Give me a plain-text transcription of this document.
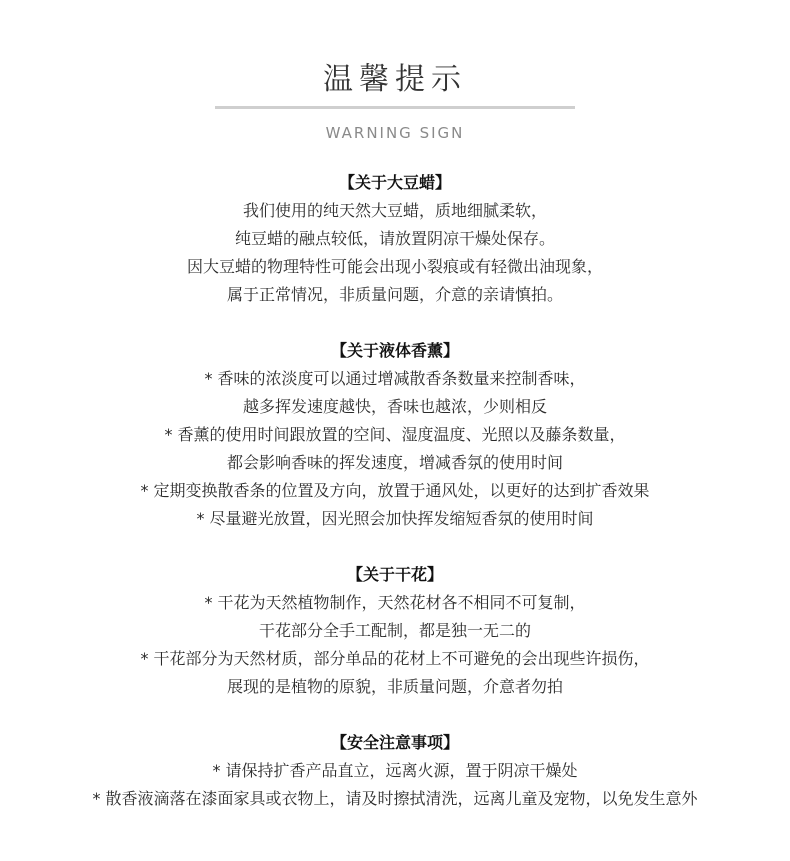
温馨提示
WARNING SIGN
【关于大豆蜡】
我们使用的纯天然大豆蜡，质地细腻柔软，
纯豆蜡的融点较低，请放置阴凉干燥处保存。
因大豆蜡的物理特性可能会出现小裂痕或有轻微出油现象，
属于正常情况，非质量问题，介意的亲请慎拍。
【关于液体香薰】
* 香味的浓淡度可以通过增减散香条数量来控制香味，
越多挥发速度越快，香味也越浓，少则相反
* 香薰的使用时间跟放置的空间、湿度温度、光照以及藤条数量，
都会影响香味的挥发速度，增减香氛的使用时间
* 定期变换散香条的位置及方向，放置于通风处，以更好的达到扩香效果
* 尽量避光放置，因光照会加快挥发缩短香氛的使用时间
【关于干花】
* 干花为天然植物制作，天然花材各不相同不可复制，
干花部分全手工配制，都是独一无二的
* 干花部分为天然材质，部分单品的花材上不可避免的会出现些许损伤，
展现的是植物的原貌，非质量问题，介意者勿拍
【安全注意事项】
* 请保持扩香产品直立，远离火源，置于阴凉干燥处
* 散香液滴落在漆面家具或衣物上，请及时擦拭清洗，远离儿童及宠物，以免发生意外
